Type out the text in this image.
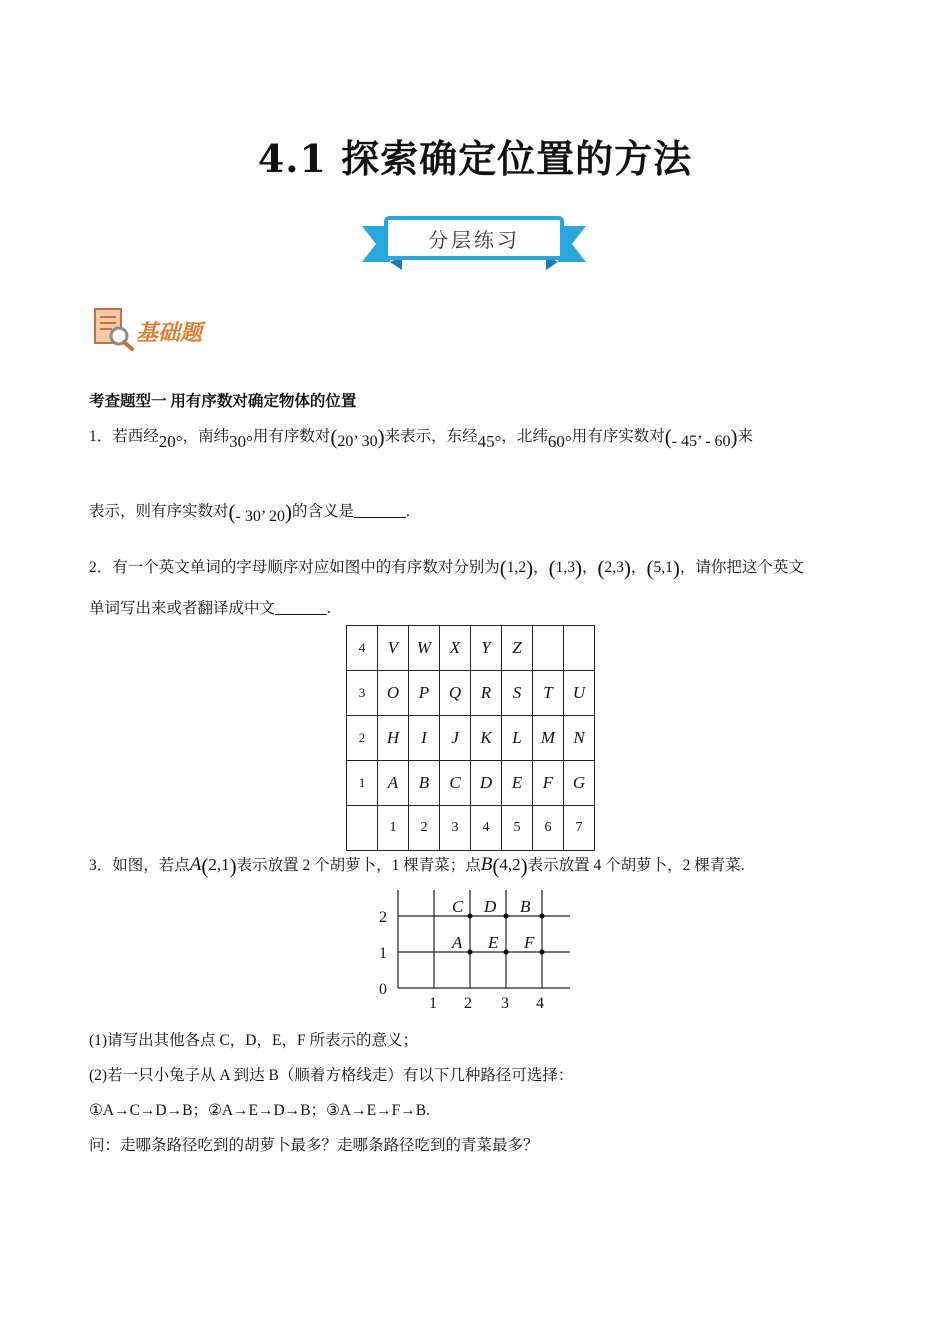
4.1 探索确定位置的方法
分层练习
基础题
考查题型一 用有序数对确定物体的位置
1．若西经20°，南纬30°用有序数对(20’ 30)来表示，东经45°，北纬60°用有序实数对(- 45’ - 60)来
表示，则有序实数对(- 30’ 20)的含义是	.
2．有一个英文单词的字母顺序对应如图中的有序数对分别为(1,2)，(1,3)，(2,3)，(5,1)，请你把这个英文
单词写出来或者翻译成中文	.
4	V	W	X	Y	Z		
3	O	P	Q	R	S	T	U
2	H	I	J	K	L	M	N
1	A	B	C	D	E	F	G
	1	2	3	4	5	6	7
3．如图，若点A(2,1)表示放置 2 个胡萝卜，1 棵青菜；点B(4,2)表示放置 4 个胡萝卜，2 棵青菜.
C D B
A E F
0
1
2
1 2 3 4
(1)请写出其他各点 C，D，E，F 所表示的意义；
(2)若一只小兔子从 A 到达 B（顺着方格线走）有以下几种路径可选择：
①A→C→D→B；②A→E→D→B；③A→E→F→B.
问：走哪条路径吃到的胡萝卜最多？走哪条路径吃到的青菜最多？
